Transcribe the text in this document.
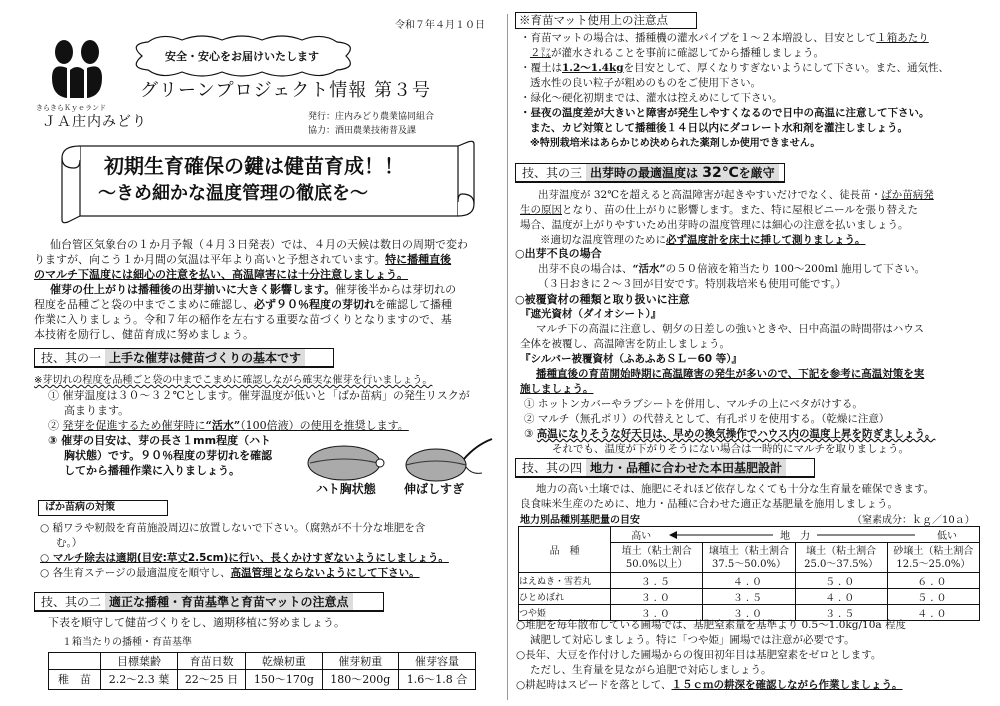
令和７年４月１０日
きらきらＫｙｅランド
ＪＡ庄内みどり
安全・安心をお届けいたします
グリーンプロジェクト情報 第３号
発行：庄内みどり農業協同組合
協力：酒田農業技術普及課
初期生育確保の鍵は健苗育成！！
～きめ細かな温度管理の徹底を～
仙台管区気象台の１か月予報（４月３日発表）では、４月の天候は数日の周期で変わ
りますが、向こう１か月間の気温は平年より高いと予想されています。特に播種直後
のマルチ下温度には細心の注意を払い、高温障害には十分注意しましょう。
催芽の仕上がりは播種後の出芽揃いに大きく影響します。催芽後半からは芽切れの
程度を品種ごと袋の中までこまめに確認し、必ず９０％程度の芽切れを確認して播種
作業に入りましょう。令和７年の稲作を左右する重要な苗づくりとなりますので、基
本技術を励行し、健苗育成に努めましょう。
技、其の一 上手な催芽は健苗づくりの基本です
※芽切れの程度を品種ごと袋の中までこまめに確認しながら確実な催芽を行いましょう。
① 催芽温度は３０～３２℃とします。催芽温度が低いと「ばか苗病」の発生リスクが
高まります。
② 発芽を促進するため催芽時に“活水”（100倍液）の使用を推奨します。
③ 催芽の目安は、芽の長さ１mm程度（ハト
胸状態）です。９０％程度の芽切れを確認
してから播種作業に入りましょう。
ハト胸状態 伸ばしすぎ
ばか苗病の対策
○ 稲ワラや籾殻を育苗施設周辺に放置しないで下さい。（腐熟が不十分な堆肥を含
む。）
○ マルチ除去は適期(目安:草丈2.5cm)に行い、長くかけすぎないようにしましょう。
○ 各生育ステージの最適温度を順守し、高温管理とならないようにして下さい。
技、其の二 適正な播種・育苗基準と育苗マットの注意点
下表を順守して健苗づくりをし、適期移植に努めましょう。
１箱当たりの播種・育苗基準
	目標葉齢	育苗日数	乾燥籾重	催芽籾重	催芽容量
稚　苗	2.2～2.3 葉	22～25 日	150～170g	180～200g	1.6～1.8 合
※育苗マット使用上の注意点
・育苗マットの場合は、播種機の灌水パイプを１～２本増設し、目安として１箱あたり
２㍑が灌水されることを事前に確認してから播種しましょう。
・覆土は1.2～1.4kgを目安として、厚くなりすぎないようにして下さい。また、通気性、
透水性の良い粒子が粗めのものをご使用下さい。
・緑化～硬化初期までは、灌水は控えめにして下さい。
・昼夜の温度差が大きいと障害が発生しやすくなるので日中の高温に注意して下さい。
また、カビ対策として播種後１４日以内にダコレート水和剤を灌注しましょう。
※特別栽培米はあらかじめ決められた薬剤しか使用できません。
技、其の三 出芽時の最適温度は 32℃を厳守
出芽温度が 32℃を超えると高温障害が起きやすいだけでなく、徒長苗・ばか苗病発
生の原因となり、苗の仕上がりに影響します。また、特に屋根ビニールを張り替えた
場合、温度が上がりやすいため出芽時の温度管理には細心の注意を払いましょう。
※適切な温度管理のために必ず温度計を床土に挿して測りましょう。
○出芽不良の場合
出芽不良の場合は、“活水”の５０倍液を箱当たり 100～200ml 施用して下さい。
（３日おきに２～３回が目安です。特別栽培米も使用可能です。）
○被覆資材の種類と取り扱いに注意
『遮光資材（ダイオシート）』
マルチ下の高温に注意し、朝夕の日差しの強いときや、日中高温の時間帯はハウス
全体を被覆し、高温障害を防止しましょう。
『シルバー被覆資材（ふあふあＳＬ－60 等）』
播種直後の育苗開始時期に高温障害の発生が多いので、下記を参考に高温対策を実
施しましょう。
① ホットンカバーやラブシートを併用し、マルチの上にベタがけする。
② マルチ（無孔ポリ）の代替えとして、有孔ポリを使用する。（乾燥に注意）
③ 高温になりそうな好天日は、早めの換気操作でハウス内の温度上昇を防ぎましょう。
それでも、温度が下がりそうにない場合は一時的にマルチを取りましょう。
技、其の四 地力・品種に合わせた本田基肥設計
地力の高い土壌では、施肥にそれほど依存しなくても十分な生育量を確保できます。
良食味米生産のために、地力・品種に合わせた適正な基肥量を施用しましょう。
地力別品種別基肥量の目安	（窒素成分：ｋｇ／10ａ）
品　種	高い 地　力 低い			

	埴土（粘土割合
50.0%以上）	壌埴土（粘土割合
37.5～50.0%）	壌土（粘土割合
25.0～37.5%）	砂壌土（粘土割合
12.5～25.0%）
はえぬき・雪若丸	３.５	４.０	５.０	６.０
ひとめぼれ	３.０	３.５	４.０	５.０
つや姫	３.０	３.０	３.５	４.０
○堆肥を毎年散布している圃場では、基肥窒素量を基準より 0.5～1.0kg/10a 程度
減肥して対応しましょう。特に「つや姫」圃場では注意が必要です。
○長年、大豆を作付けした圃場からの復田初年目は基肥窒素をゼロとします。
ただし、生育量を見ながら追肥で対応しましょう。
○耕起時はスピードを落として、１５ｃｍの耕深を確認しながら作業しましょう。
